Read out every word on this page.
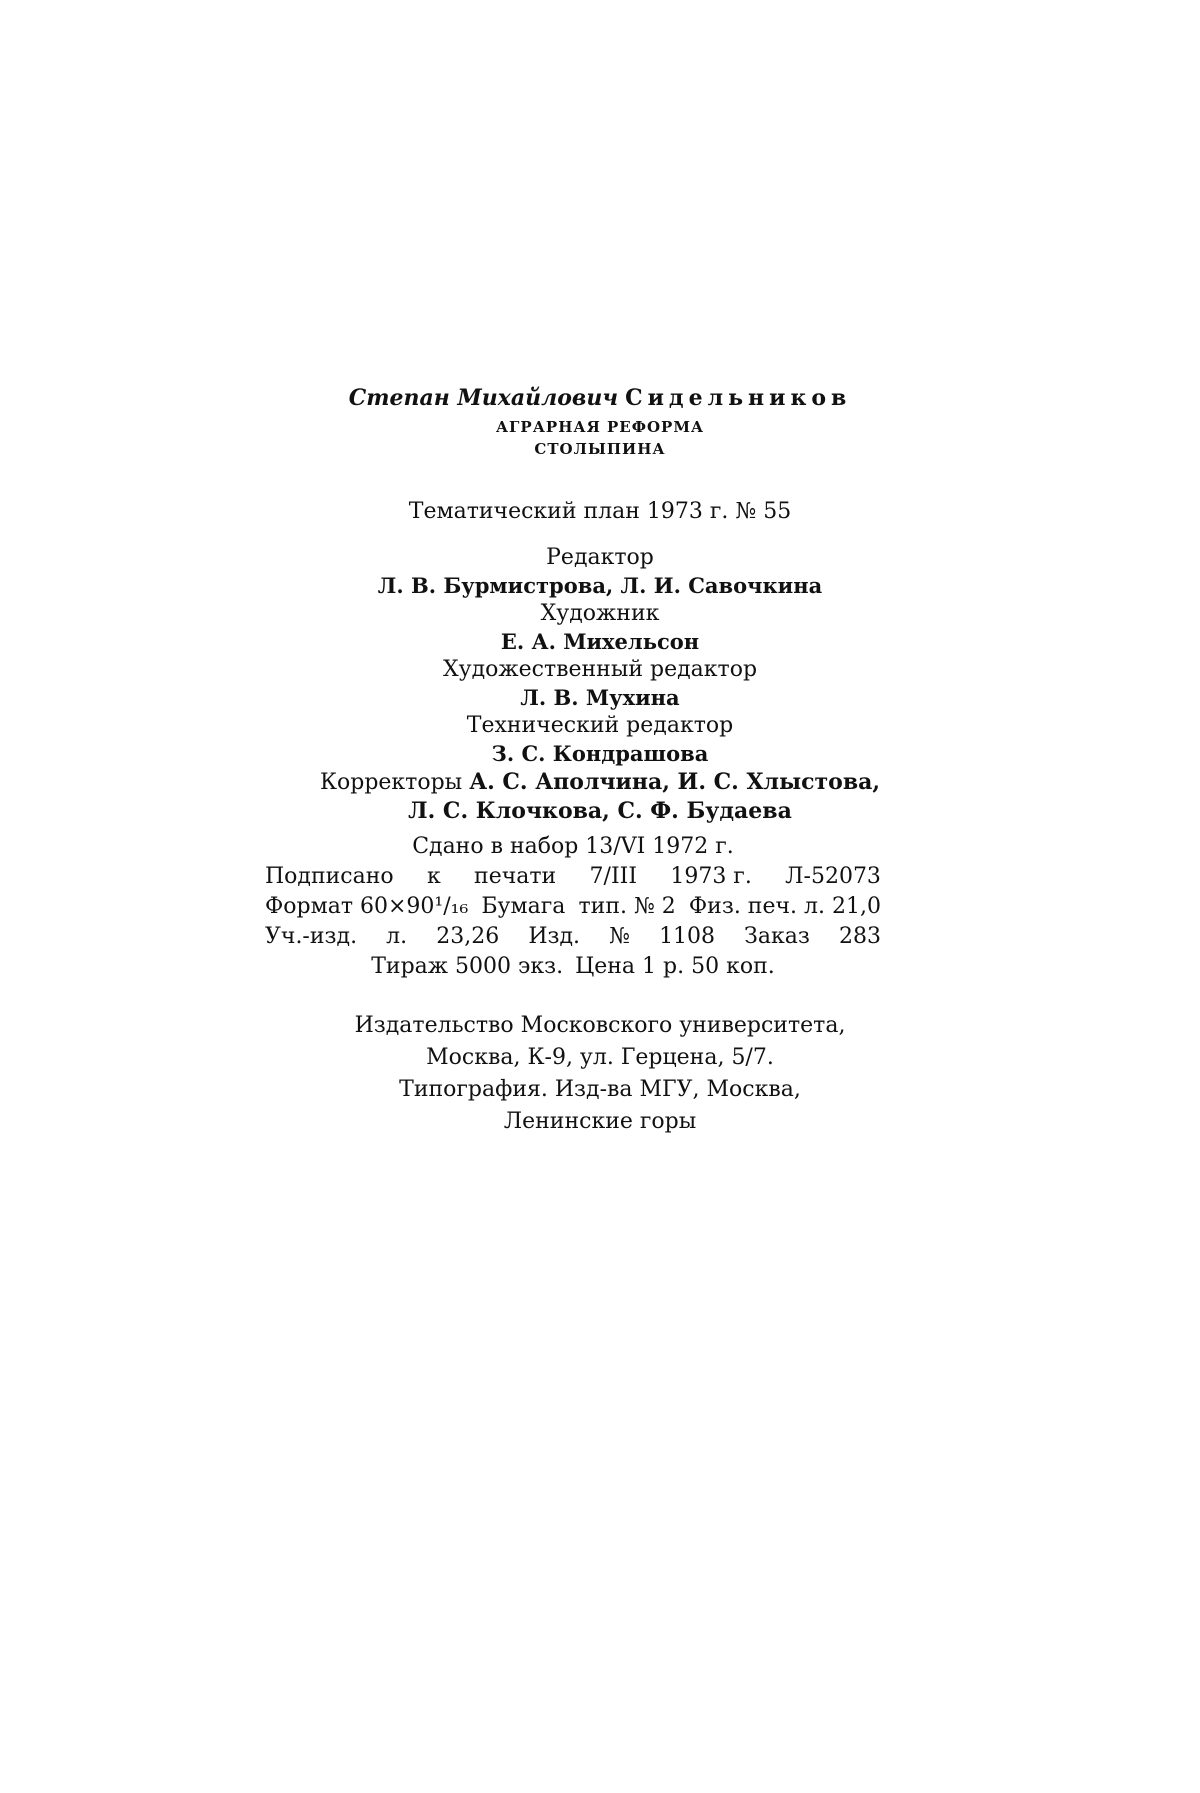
Степан Михайлович Сидельников
АГРАРНАЯ РЕФОРМА
СТОЛЫПИНА
Тематический план 1973 г. № 55
Редактор
Л. В. Бурмистрова, Л. И. Савочкина
Художник
Е. А. Михельсон
Художественный редактор
Л. В. Мухина
Технический редактор
З. С. Кондрашова
Корректоры А. С. Аполчина, И. С. Хлыстова,
Л. С. Клочкова, С. Ф. Будаева
Сдано в набор 13/VI 1972 г.
Подписано к печати 7/III 1973 г. Л-52073
Формат 60×90¹/₁₆ Бумага тип. № 2 Физ. печ. л. 21,0
Уч.-изд. л. 23,26 Изд. № 1108 Заказ 283
Тираж 5000 экз. Цена 1 р. 50 коп.
Издательство Московского университета,
Москва, К-9, ул. Герцена, 5/7.
Типография. Изд-ва МГУ, Москва,
Ленинские горы
